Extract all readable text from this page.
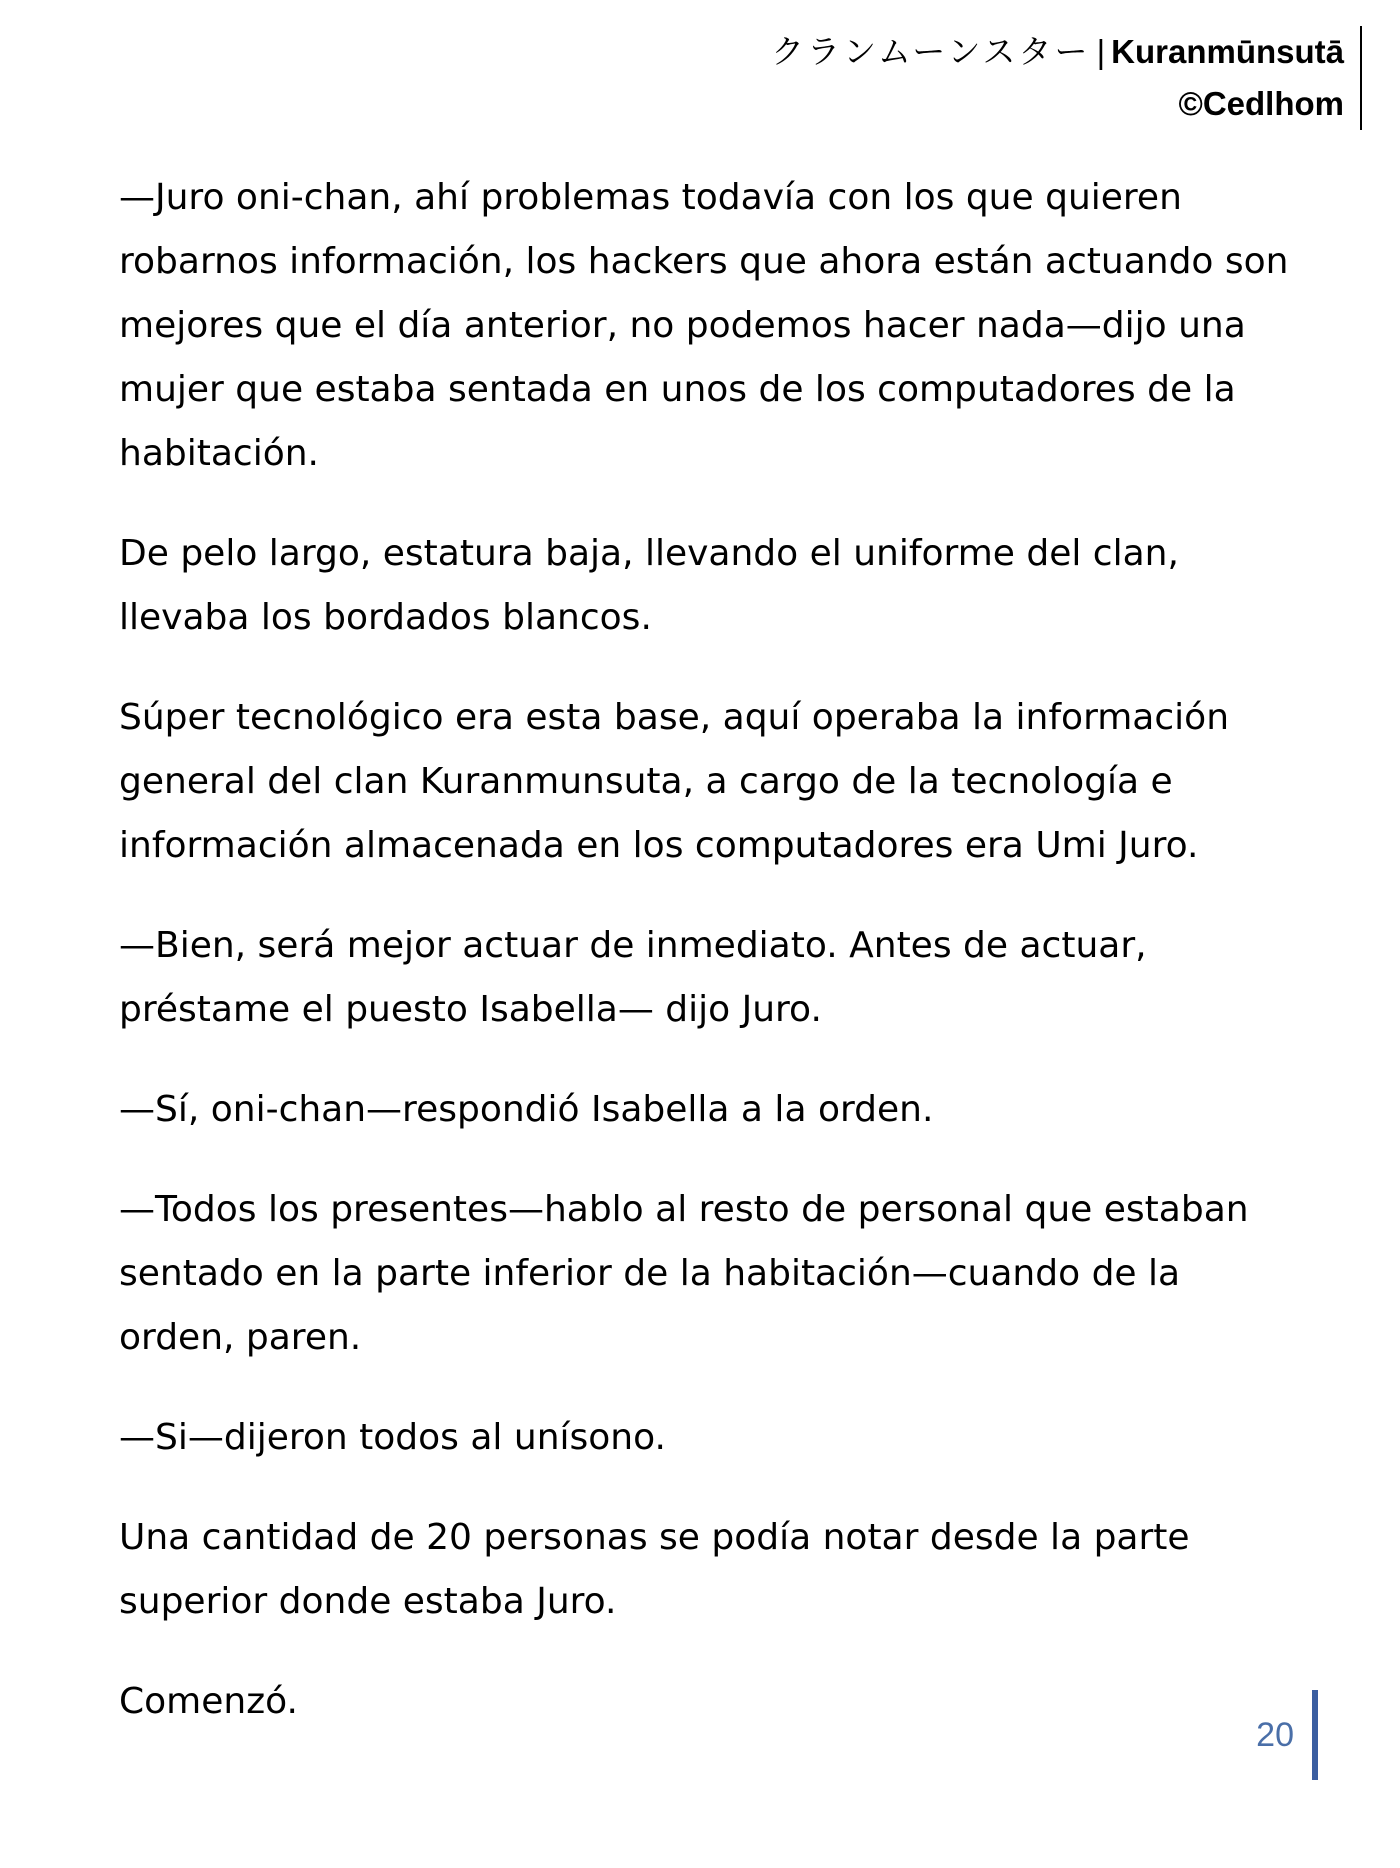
クランムーンスター | Kuranmūnsutā
©Cedlhom

—Juro oni-chan, ahí problemas todavía con los que quieren robarnos información, los hackers que ahora están actuando son mejores que el día anterior, no podemos hacer nada—dijo una mujer que estaba sentada en unos de los computadores de la habitación.

De pelo largo, estatura baja, llevando el uniforme del clan, llevaba los bordados blancos.

Súper tecnológico era esta base, aquí operaba la información general del clan Kuranmunsuta, a cargo de la tecnología e información almacenada en los computadores era Umi Juro.

—Bien, será mejor actuar de inmediato. Antes de actuar, préstame el puesto Isabella— dijo Juro.

—Sí, oni-chan—respondió Isabella a la orden.

—Todos los presentes—hablo al resto de personal que estaban sentado en la parte inferior de la habitación—cuando de la orden, paren.

—Si—dijeron todos al unísono.

Una cantidad de 20 personas se podía notar desde la parte superior donde estaba Juro.

Comenzó.

20
